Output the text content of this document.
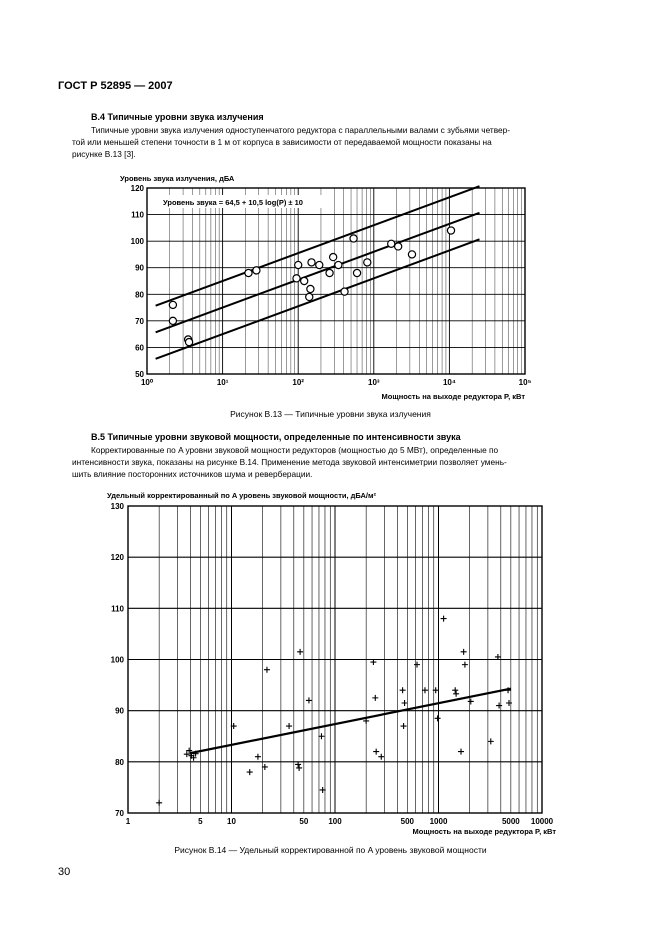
ГОСТ Р 52895 — 2007
B.4 Типичные уровни звука излучения
Типичные уровни звука излучения одноступенчатого редуктора с параллельными валами с зубьями четвер-
той или меньшей степени точности в 1 м от корпуса в зависимости от передаваемой мощности показаны на
рисунке B.13 [3].
50
60
70
80
90
100
110
120
10⁰	10¹	10²	10³	10⁴	10⁵
Уровень звука = 64,5 + 10,5 log(P) ± 10
Уровень звука излучения, дБА
Мощность на выходе редуктора P, кВт
Рисунок B.13 — Типичные уровни звука излучения
B.5 Типичные уровни звуковой мощности, определенные по интенсивности звука
Корректированные по A уровни звуковой мощности редукторов (мощностью до 5 МВт), определенные по
интенсивности звука, показаны на рисунке B.14. Применение метода звуковой интенсиметрии позволяет умень-
шить влияние посторонних источников шума и реверберации.
70
80
90
100
110
120
130
1	5	10	50	100	500 1000	5000 10000
Удельный корректированный по A уровень звуковой мощности, дБА/м²
Мощность на выходе редуктора P, кВт
Рисунок B.14 — Удельный корректированной по A уровень звуковой мощности
30
